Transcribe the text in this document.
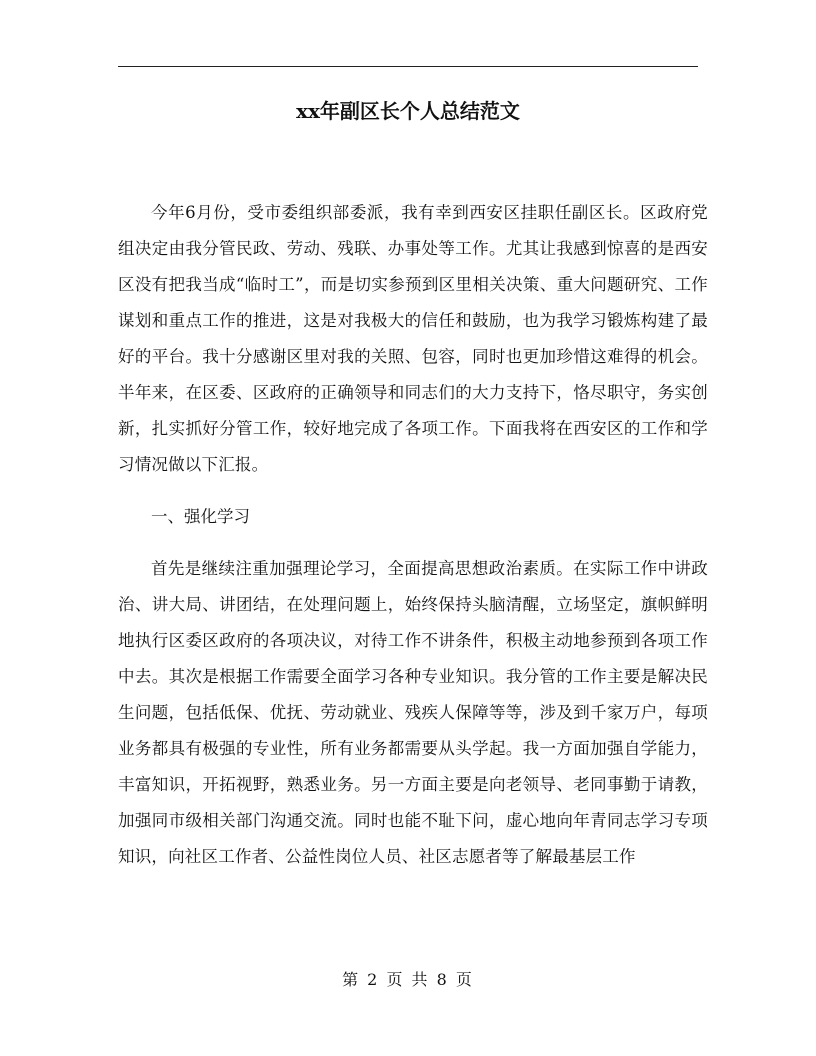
xx年副区长个人总结范文

今年6月份，受市委组织部委派，我有幸到西安区挂职任副区长。区政府党组决定由我分管民政、劳动、残联、办事处等工作。尤其让我感到惊喜的是西安区没有把我当成“临时工”，而是切实参预到区里相关决策、重大问题研究、工作谋划和重点工作的推进，这是对我极大的信任和鼓励，也为我学习锻炼构建了最好的平台。我十分感谢区里对我的关照、包容，同时也更加珍惜这难得的机会。半年来，在区委、区政府的正确领导和同志们的大力支持下，恪尽职守，务实创新，扎实抓好分管工作，较好地完成了各项工作。下面我将在西安区的工作和学习情况做以下汇报。

一、强化学习

首先是继续注重加强理论学习，全面提高思想政治素质。在实际工作中讲政治、讲大局、讲团结，在处理问题上，始终保持头脑清醒，立场坚定，旗帜鲜明地执行区委区政府的各项决议，对待工作不讲条件，积极主动地参预到各项工作中去。其次是根据工作需要全面学习各种专业知识。我分管的工作主要是解决民生问题，包括低保、优抚、劳动就业、残疾人保障等等，涉及到千家万户，每项业务都具有极强的专业性，所有业务都需要从头学起。我一方面加强自学能力，丰富知识，开拓视野，熟悉业务。另一方面主要是向老领导、老同事勤于请教，加强同市级相关部门沟通交流。同时也能不耻下问，虚心地向年青同志学习专项知识，向社区工作者、公益性岗位人员、社区志愿者等了解最基层工作

第 2 页 共 8 页
